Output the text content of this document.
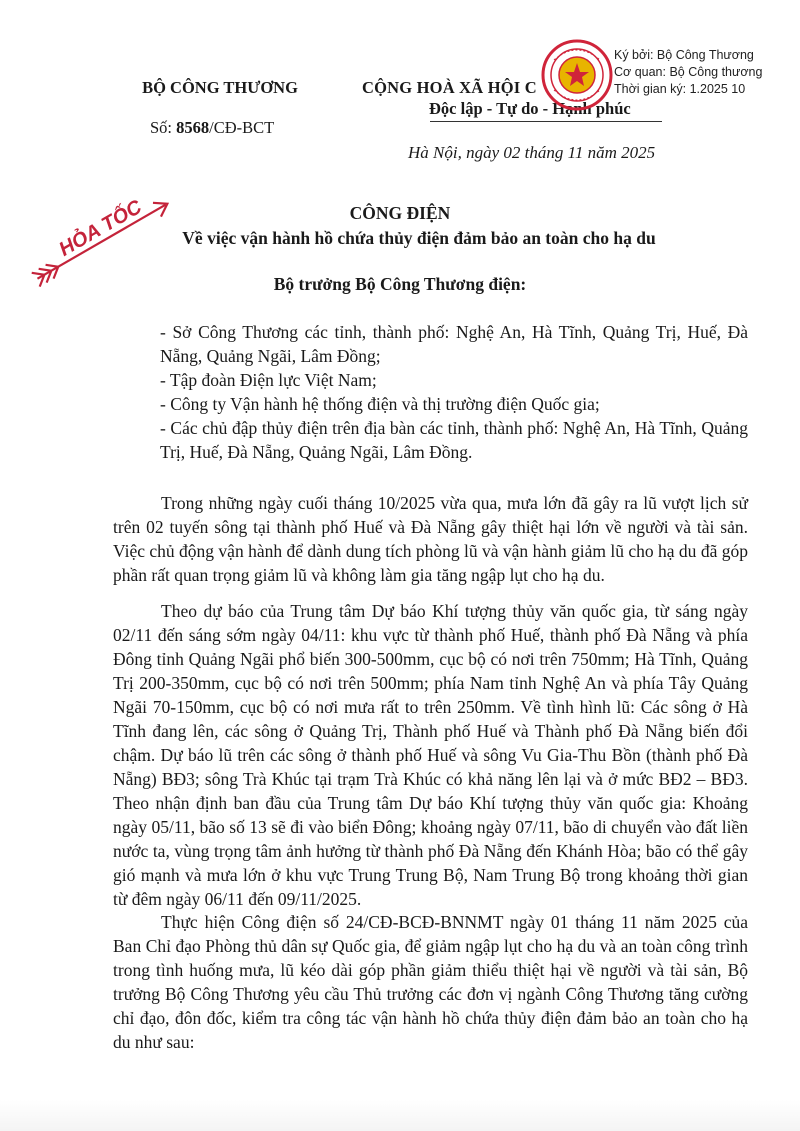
BỘ CÔNG THƯƠNG
Số: 8568/CĐ-BCT
CỘNG HOÀ XÃ HỘI C
Độc lập - Tự do - Hạnh phúc
Hà Nội, ngày 02 tháng 11 năm 2025
Ký bởi: Bộ Công Thương
Cơ quan: Bộ Công thương
Thời gian ký: 1.2025 10
HỎA TỐC	CÔNG ĐIỆN
Về việc vận hành hồ chứa thủy điện đảm bảo an toàn cho hạ du
Bộ trưởng Bộ Công Thương điện:
- Sở Công Thương các tỉnh, thành phố: Nghệ An, Hà Tĩnh, Quảng Trị, Huế, Đà Nẵng, Quảng Ngãi, Lâm Đồng;
- Tập đoàn Điện lực Việt Nam;
- Công ty Vận hành hệ thống điện và thị trường điện Quốc gia;
- Các chủ đập thủy điện trên địa bàn các tỉnh, thành phố: Nghệ An, Hà Tĩnh, Quảng Trị, Huế, Đà Nẵng, Quảng Ngãi, Lâm Đồng.
Trong những ngày cuối tháng 10/2025 vừa qua, mưa lớn đã gây ra lũ vượt lịch sử trên 02 tuyến sông tại thành phố Huế và Đà Nẵng gây thiệt hại lớn về người và tài sản. Việc chủ động vận hành để dành dung tích phòng lũ và vận hành giảm lũ cho hạ du đã góp phần rất quan trọng giảm lũ và không làm gia tăng ngập lụt cho hạ du.
Theo dự báo của Trung tâm Dự báo Khí tượng thủy văn quốc gia, từ sáng ngày 02/11 đến sáng sớm ngày 04/11: khu vực từ thành phố Huế, thành phố Đà Nẵng và phía Đông tỉnh Quảng Ngãi phổ biến 300-500mm, cục bộ có nơi trên 750mm; Hà Tĩnh, Quảng Trị 200-350mm, cục bộ có nơi trên 500mm; phía Nam tỉnh Nghệ An và phía Tây Quảng Ngãi 70-150mm, cục bộ có nơi mưa rất to trên 250mm. Về tình hình lũ: Các sông ở Hà Tĩnh đang lên, các sông ở Quảng Trị, Thành phố Huế và Thành phố Đà Nẵng biến đổi chậm. Dự báo lũ trên các sông ở thành phố Huế và sông Vu Gia-Thu Bồn (thành phố Đà Nẵng) BĐ3; sông Trà Khúc tại trạm Trà Khúc có khả năng lên lại và ở mức BĐ2 – BĐ3. Theo nhận định ban đầu của Trung tâm Dự báo Khí tượng thủy văn quốc gia: Khoảng ngày 05/11, bão số 13 sẽ đi vào biển Đông; khoảng ngày 07/11, bão di chuyển vào đất liền nước ta, vùng trọng tâm ảnh hưởng từ thành phố Đà Nẵng đến Khánh Hòa; bão có thể gây gió mạnh và mưa lớn ở khu vực Trung Trung Bộ, Nam Trung Bộ trong khoảng thời gian từ đêm ngày 06/11 đến 09/11/2025.
Thực hiện Công điện số 24/CĐ-BCĐ-BNNMT ngày 01 tháng 11 năm 2025 của Ban Chỉ đạo Phòng thủ dân sự Quốc gia, để giảm ngập lụt cho hạ du và an toàn công trình trong tình huống mưa, lũ kéo dài góp phần giảm thiểu thiệt hại về người và tài sản, Bộ trưởng Bộ Công Thương yêu cầu Thủ trưởng các đơn vị ngành Công Thương tăng cường chỉ đạo, đôn đốc, kiểm tra công tác vận hành hồ chứa thủy điện đảm bảo an toàn cho hạ du như sau:
